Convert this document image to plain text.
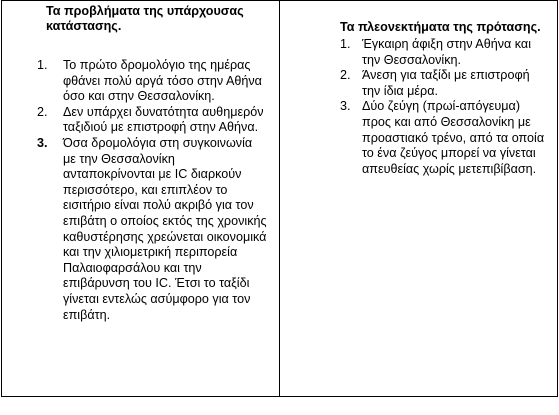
Τα προβλήματα της υπάρχουσας κατάστασης.
1. Το πρώτο δρομολόγιο της ημέρας φθάνει πολύ αργά τόσο στην Αθήνα όσο και στην Θεσσαλονίκη.
2. Δεν υπάρχει δυνατότητα αυθημερόν ταξιδιού με επιστροφή στην Αθήνα.
3. Όσα δρομολόγια στη συγκοινωνία με την Θεσσαλονίκη ανταποκρίνονται με IC διαρκούν περισσότερο, και επιπλέον το εισιτήριο είναι πολύ ακριβό για τον επιβάτη ο οποίος εκτός της χρονικής καθυστέρησης χρεώνεται οικονομικά και την χιλιομετρική περιπορεία Παλαιοφαρσάλου και την επιβάρυνση του IC. Έτσι το ταξίδι γίνεται εντελώς ασύμφορο για τον επιβάτη.

Τα πλεονεκτήματα της πρότασης.
1. Έγκαιρη άφιξη στην Αθήνα και την Θεσσαλονίκη.
2. Άνεση για ταξίδι με επιστροφή την ίδια μέρα.
3. Δύο ζεύγη (πρωί-απόγευμα) προς και από Θεσσαλονίκη με προαστιακό τρένο, από τα οποία το ένα ζεύγος μπορεί να γίνεται απευθείας χωρίς μετεπιβίβαση.
